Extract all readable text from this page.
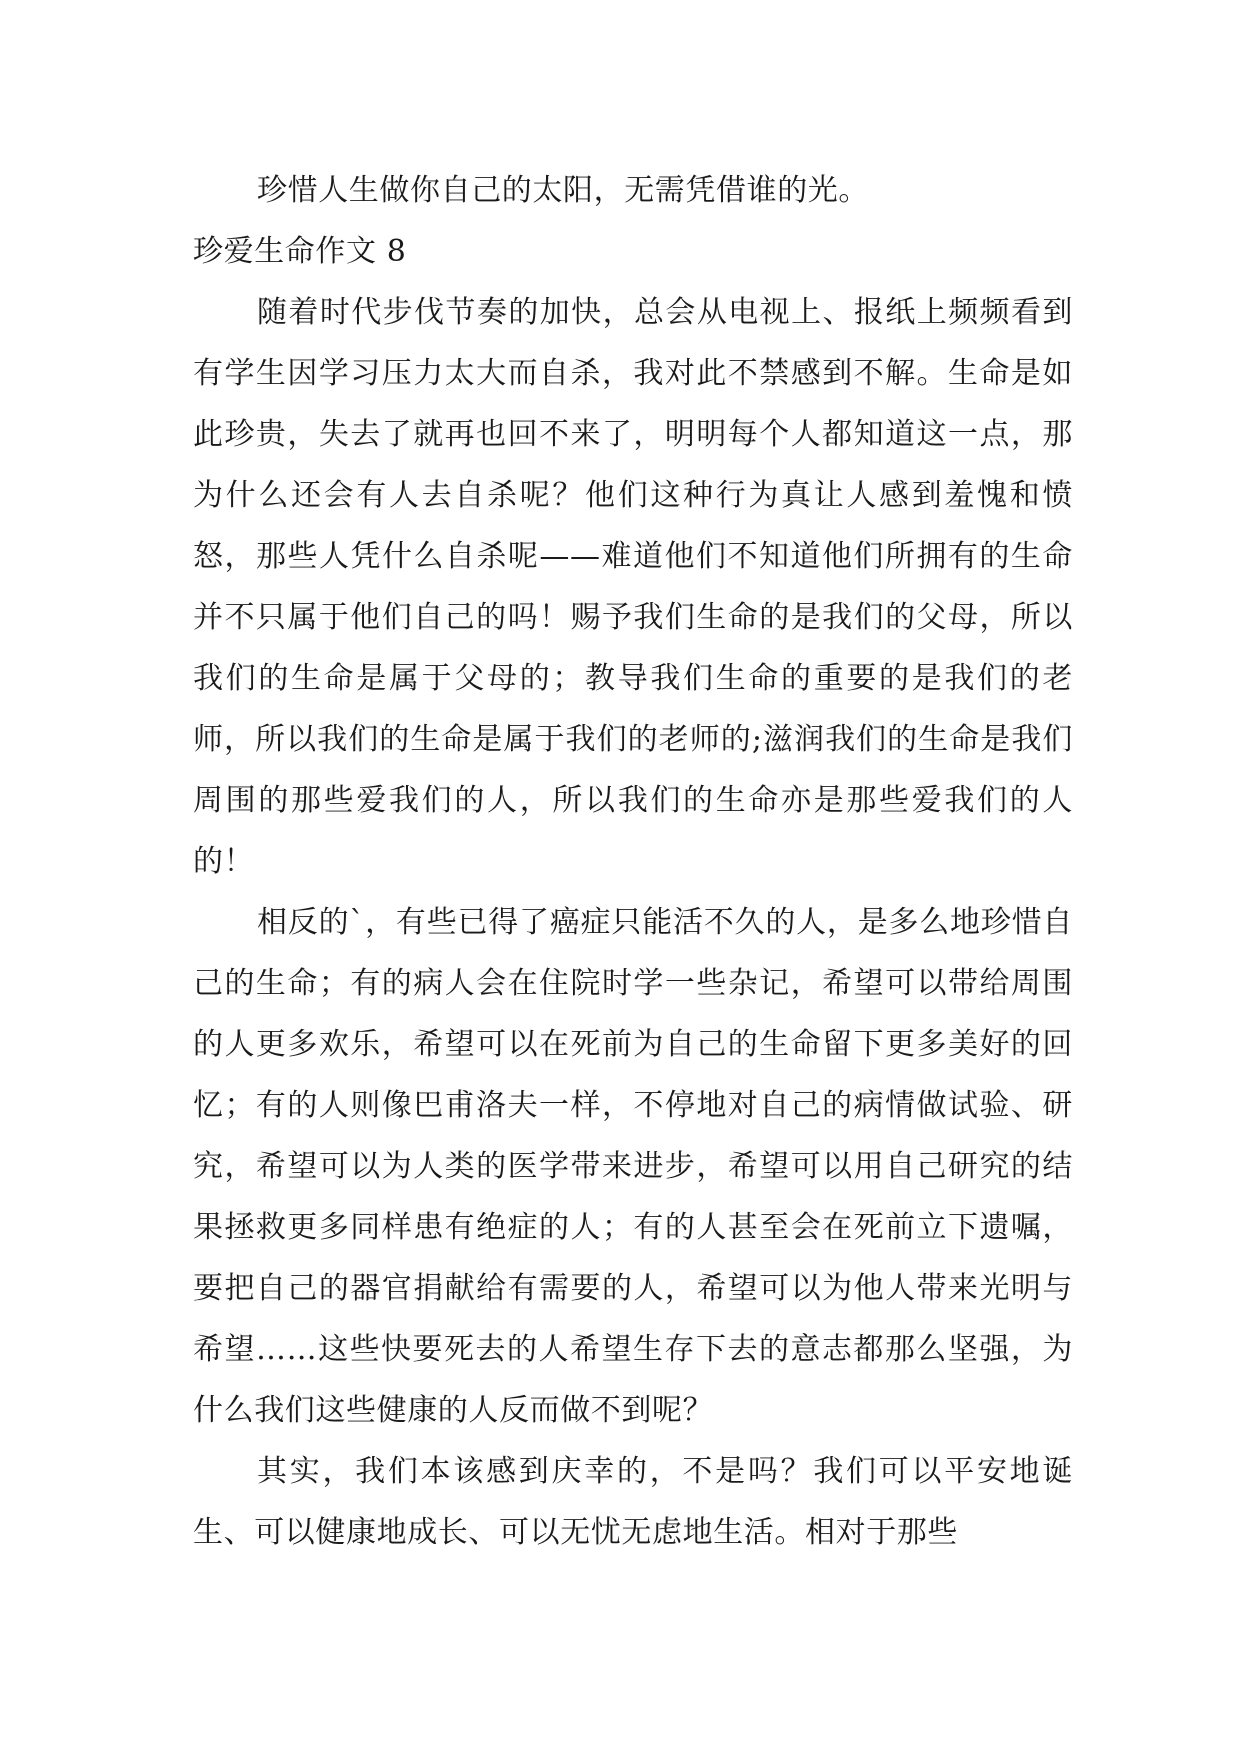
珍惜人生做你自己的太阳，无需凭借谁的光。

珍爱生命作文 8

随着时代步伐节奏的加快，总会从电视上、报纸上频频看到有学生因学习压力太大而自杀，我对此不禁感到不解。生命是如此珍贵，失去了就再也回不来了，明明每个人都知道这一点，那为什么还会有人去自杀呢？他们这种行为真让人感到羞愧和愤怒，那些人凭什么自杀呢——难道他们不知道他们所拥有的生命并不只属于他们自己的吗！赐予我们生命的是我们的父母，所以我们的生命是属于父母的；教导我们生命的重要的是我们的老师，所以我们的生命是属于我们的老师的;滋润我们的生命是我们周围的那些爱我们的人，所以我们的生命亦是那些爱我们的人的！

相反的`，有些已得了癌症只能活不久的人，是多么地珍惜自己的生命；有的病人会在住院时学一些杂记，希望可以带给周围的人更多欢乐，希望可以在死前为自己的生命留下更多美好的回忆；有的人则像巴甫洛夫一样，不停地对自己的病情做试验、研究，希望可以为人类的医学带来进步，希望可以用自己研究的结果拯救更多同样患有绝症的人；有的人甚至会在死前立下遗嘱，要把自己的器官捐献给有需要的人，希望可以为他人带来光明与希望……这些快要死去的人希望生存下去的意志都那么坚强，为什么我们这些健康的人反而做不到呢？

其实，我们本该感到庆幸的，不是吗？我们可以平安地诞生、可以健康地成长、可以无忧无虑地生活。相对于那些
